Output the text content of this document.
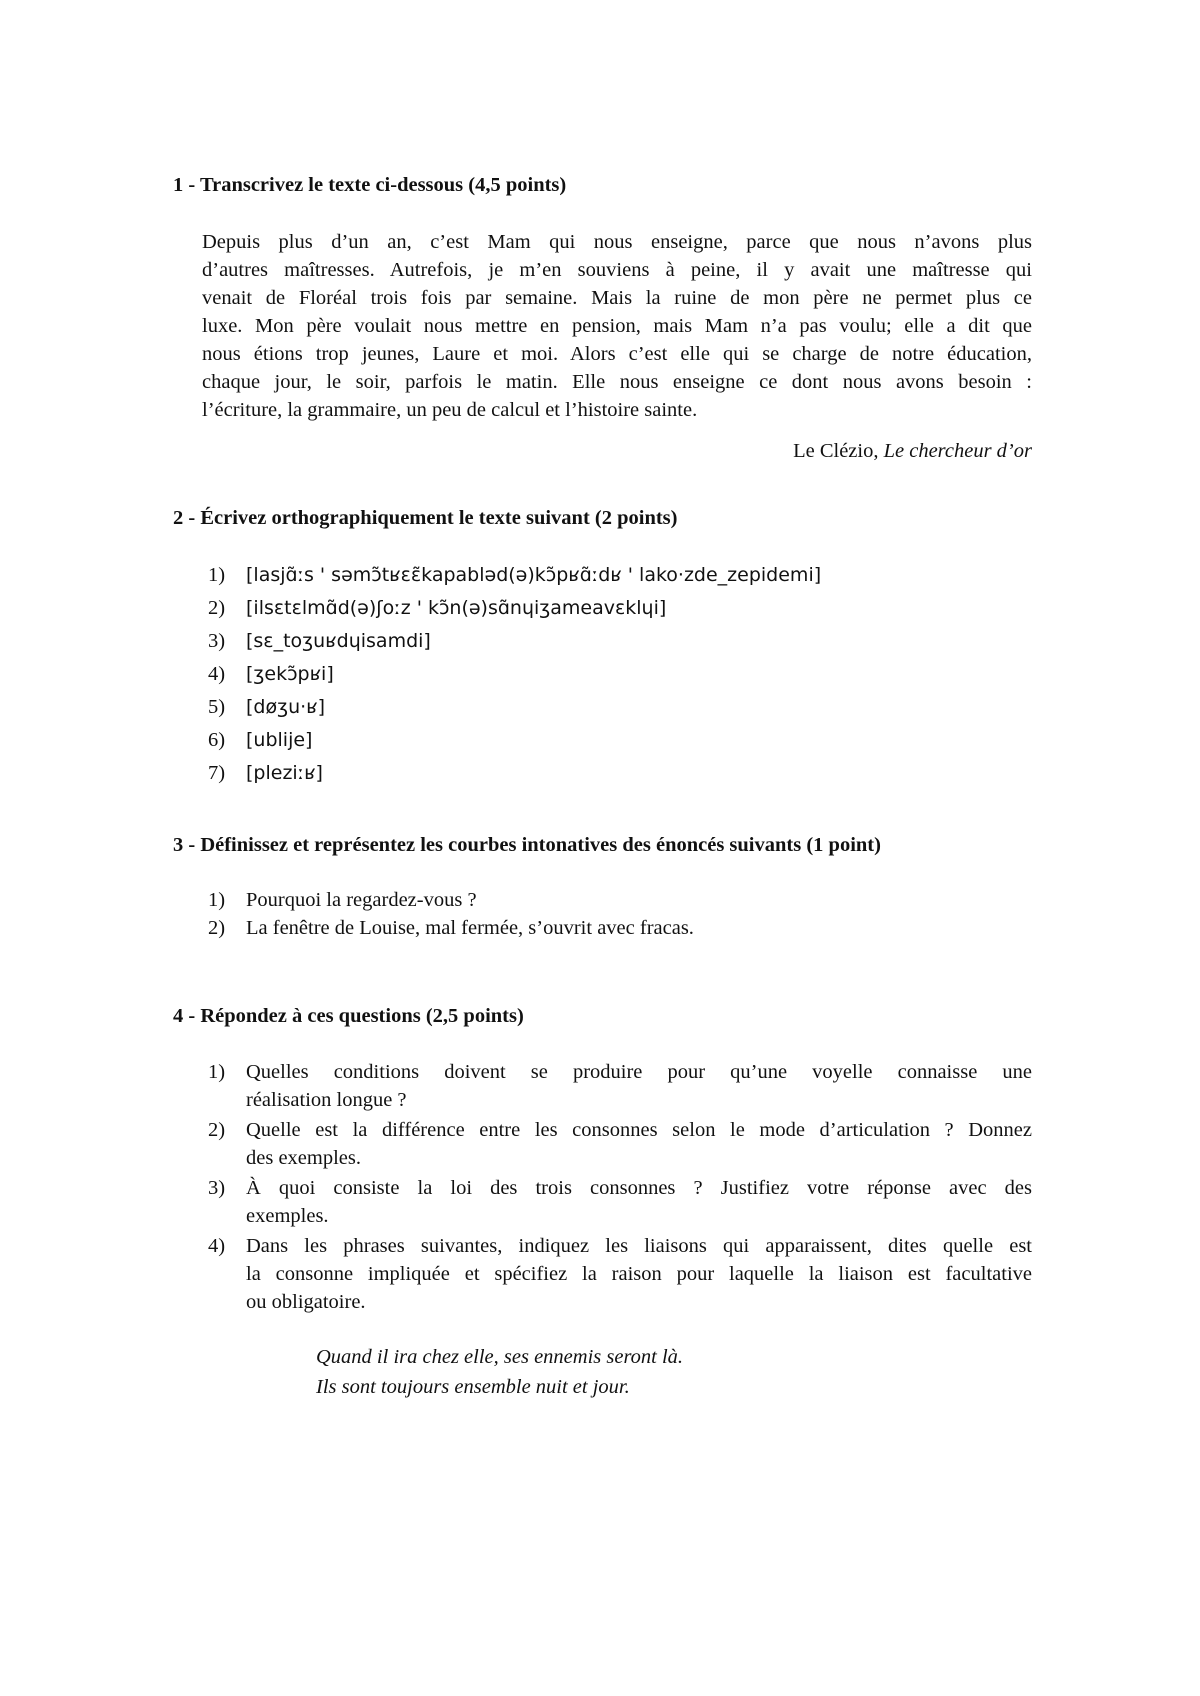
1 - Transcrivez le texte ci-dessous (4,5 points)
Depuis plus d’un an, c’est Mam qui nous enseigne, parce que nous n’avons plus
d’autres maîtresses. Autrefois, je m’en souviens à peine, il y avait une maîtresse qui
venait de Floréal trois fois par semaine. Mais la ruine de mon père ne permet plus ce
luxe. Mon père voulait nous mettre en pension, mais Mam n’a pas voulu; elle a dit que
nous étions trop jeunes, Laure et moi. Alors c’est elle qui se charge de notre éducation,
chaque jour, le soir, parfois le matin. Elle nous enseigne ce dont nous avons besoin :
l’écriture, la grammaire, un peu de calcul et l’histoire sainte.
Le Clézio, Le chercheur d’or
2 - Écrivez orthographiquement le texte suivant (2 points)
1) [lasjɑ̃ːs ' səmɔ̃tʁɛɛ̃kapabləd(ə)kɔ̃pʁɑ̃ːdʁ ' lako·zde_zepidemi]
2) [ilsɛtɛlmɑ̃d(ə)ʃoːz ' kɔ̃n(ə)sɑ̃nɥiʒameavɛklɥi]
3) [sɛ_toʒuʁdɥisamdi]
4) [ʒekɔ̃pʁi]
5) [døʒu·ʁ]
6) [ublije]
7) [pleziːʁ]
3 - Définissez et représentez les courbes intonatives des énoncés suivants (1 point)
1) Pourquoi la regardez-vous ?
2) La fenêtre de Louise, mal fermée, s’ouvrit avec fracas.
4 - Répondez à ces questions (2,5 points)
1) Quelles conditions doivent se produire pour qu’une voyelle connaisse une
réalisation longue ?
2) Quelle est la différence entre les consonnes selon le mode d’articulation ? Donnez
des exemples.
3) À quoi consiste la loi des trois consonnes ? Justifiez votre réponse avec des
exemples.
4) Dans les phrases suivantes, indiquez les liaisons qui apparaissent, dites quelle est
la consonne impliquée et spécifiez la raison pour laquelle la liaison est facultative
ou obligatoire.
Quand il ira chez elle, ses ennemis seront là.
Ils sont toujours ensemble nuit et jour.
